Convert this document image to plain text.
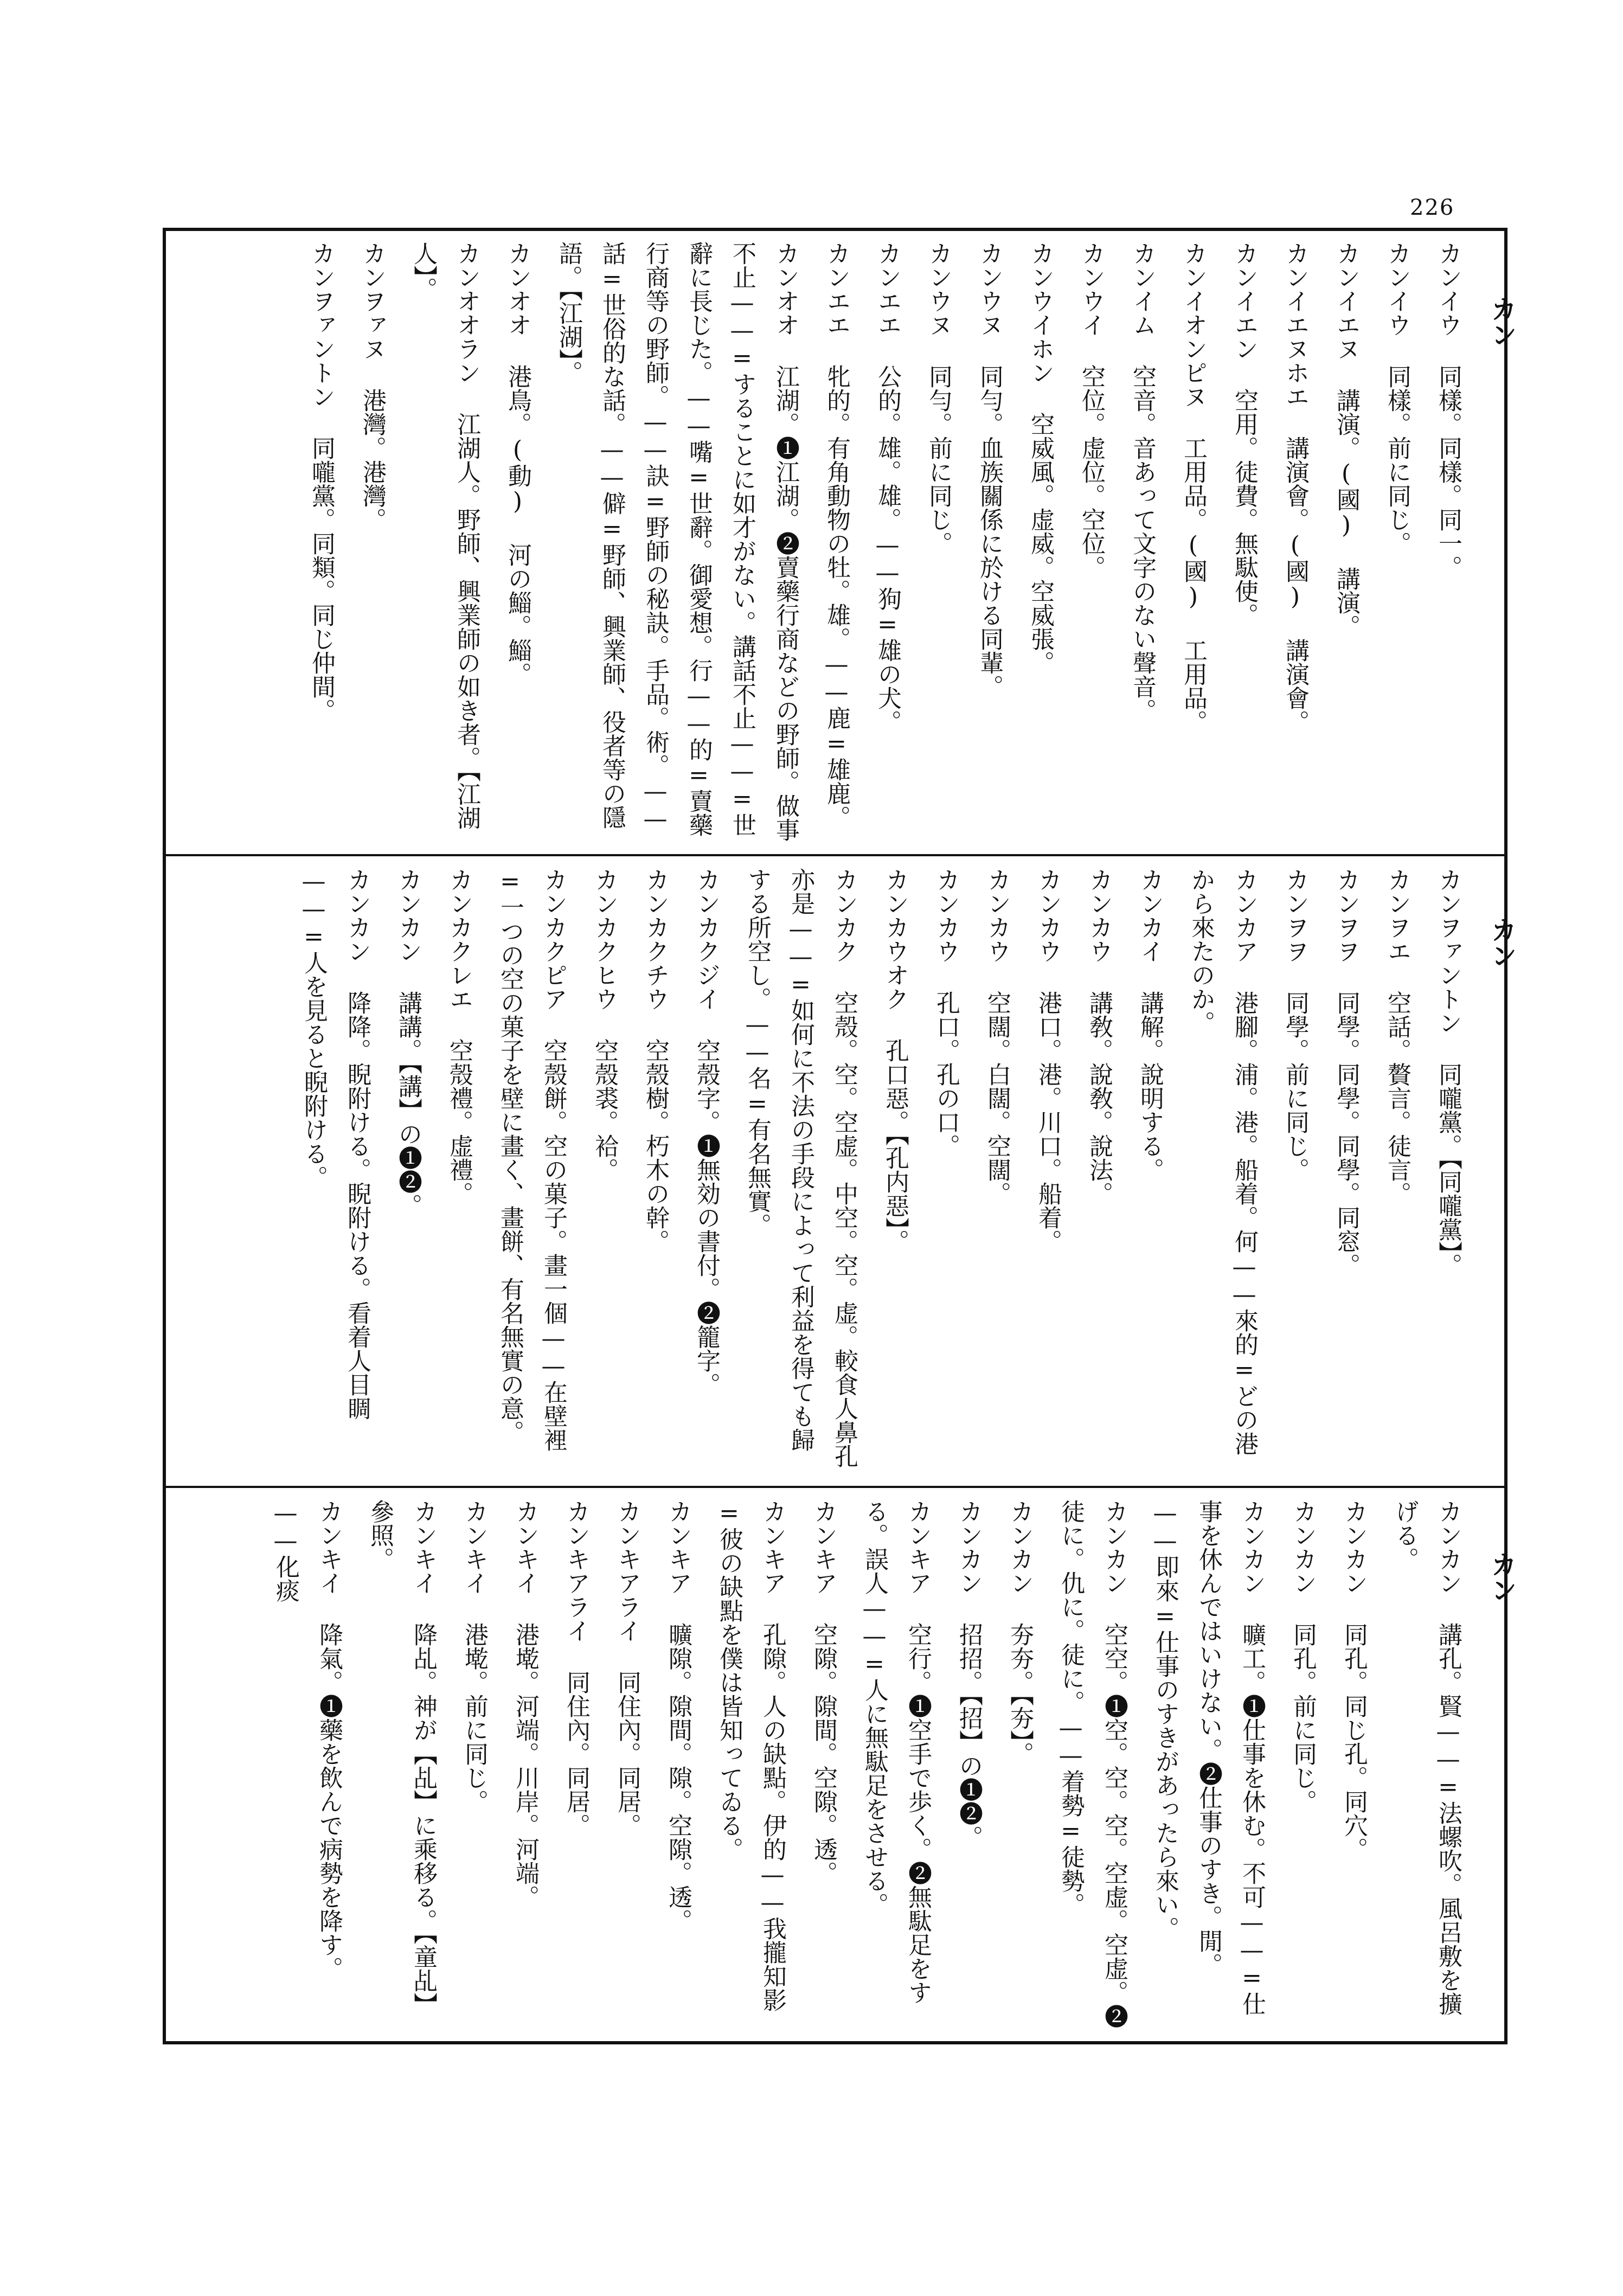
226
カン
カン
カン
カンイウ 同樣。同樣。同一。
カンイウ 同樣。前に同じ。
カンイエヌ 講演。(國) 講演。
カンイエヌホエ 講演會。(國) 講演會。
カンイエン 空用。徒費。無駄使。
カンイオンピヌ 工用品。(國) 工用品。
カンイム 空音。音あって文字のない聲音。
カンウイ 空位。虚位。空位。
カンウイホン 空威風。虚威。空威張。
カンウヌ 同勻。血族關係に於ける同輩。
カンウヌ 同勻。前に同じ。
カンエエ 公的。雄。雄。——狗=雄の犬。
カンエエ 牝的。有角動物の牡。雄。——鹿=雄鹿。
カンオオ 江湖。❶江湖。❷賣藥行商などの野師。做事不止——=することに如才がない。講話不止——=世辭に長じた。——嘴=世辭。御愛想。行——的=賣藥行商等の野師。——訣=野師の秘訣。手品。術。——話=世俗的な話。——僻=野師、興業師、役者等の隱語。【江湖】。
カンオオ 港鳥。(動) 河の鯔。鯔。
カンオオラン 江湖人。野師、興業師の如き者。【江湖人】。
カンヲァヌ 港灣。港灣。
カンヲァントン 同嚨黨。同類。同じ仲間。
カンヲァントン 同嚨黨。【同嚨黨】。
カンヲエ 空話。贅言。徒言。
カンヲヲ 同學。同學。同學。同窓。
カンヲヲ 同學。前に同じ。
カンカア 港腳。浦。港。船着。何——來的=どの港から來たのか。
カンカイ 講解。說明する。
カンカウ 講敎。說敎。說法。
カンカウ 港口。港。川口。船着。
カンカウ 空闊。白闊。空闊。
カンカウ 孔口。孔の口。
カンカウオク 孔口惡。【孔内惡】。
カンカク 空殼。空。空虚。中空。空。虚。較食人鼻孔亦是——=如何に不法の手段によって利益を得ても歸する所空し。——名=有名無實。
カンカクジイ 空殼字。❶無効の書付。❷籠字。
カンカクチウ 空殼樹。朽木の幹。
カンカクヒウ 空殼裘。袷。
カンカクピア 空殼餅。空の菓子。畫一個——在壁裡=一つの空の菓子を壁に畫く、畫餅、有名無實の意。
カンカクレエ 空殼禮。虚禮。
カンカン 講講。【講】の❶❷。
カンカン 降降。睨附ける。睨附ける。看着人目睭——=人を見ると睨附ける。
カンカン 講孔。賢——=法螺吹。風呂敷を擴げる。
カンカン 同孔。同じ孔。同穴。
カンカン 同孔。前に同じ。
カンカン 曠工。❶仕事を休む。不可——=仕事を休んではいけない。❷仕事のすき。閒。——即來=仕事のすきがあったら來い。
カンカン 空空。❶空。空。空。空虚。空虚。❷徒に。仇に。徒に。——着勢=徒勢。
カンカン 夯夯。【夯】。
カンカン 招招。【招】の❶❷。
カンキア 空行。❶空手で歩く。❷無駄足をする。誤人——=人に無駄足をさせる。
カンキア 空隙。隙間。空隙。透。
カンキア 孔隙。人の缺點。伊的——我攏知影=彼の缺點を僕は皆知ってゐる。
カンキア 曠隙。隙間。隙。空隙。透。
カンキアライ 同住內。同居。
カンキアライ 同住內。同居。
カンキイ 港墘。河端。川岸。河端。
カンキイ 港墘。前に同じ。
カンキイ 降乩。神が【乩】に乘移る。【童乩】參照。
カンキイ 降氣。❶藥を飲んで病勢を降す。——化痰
